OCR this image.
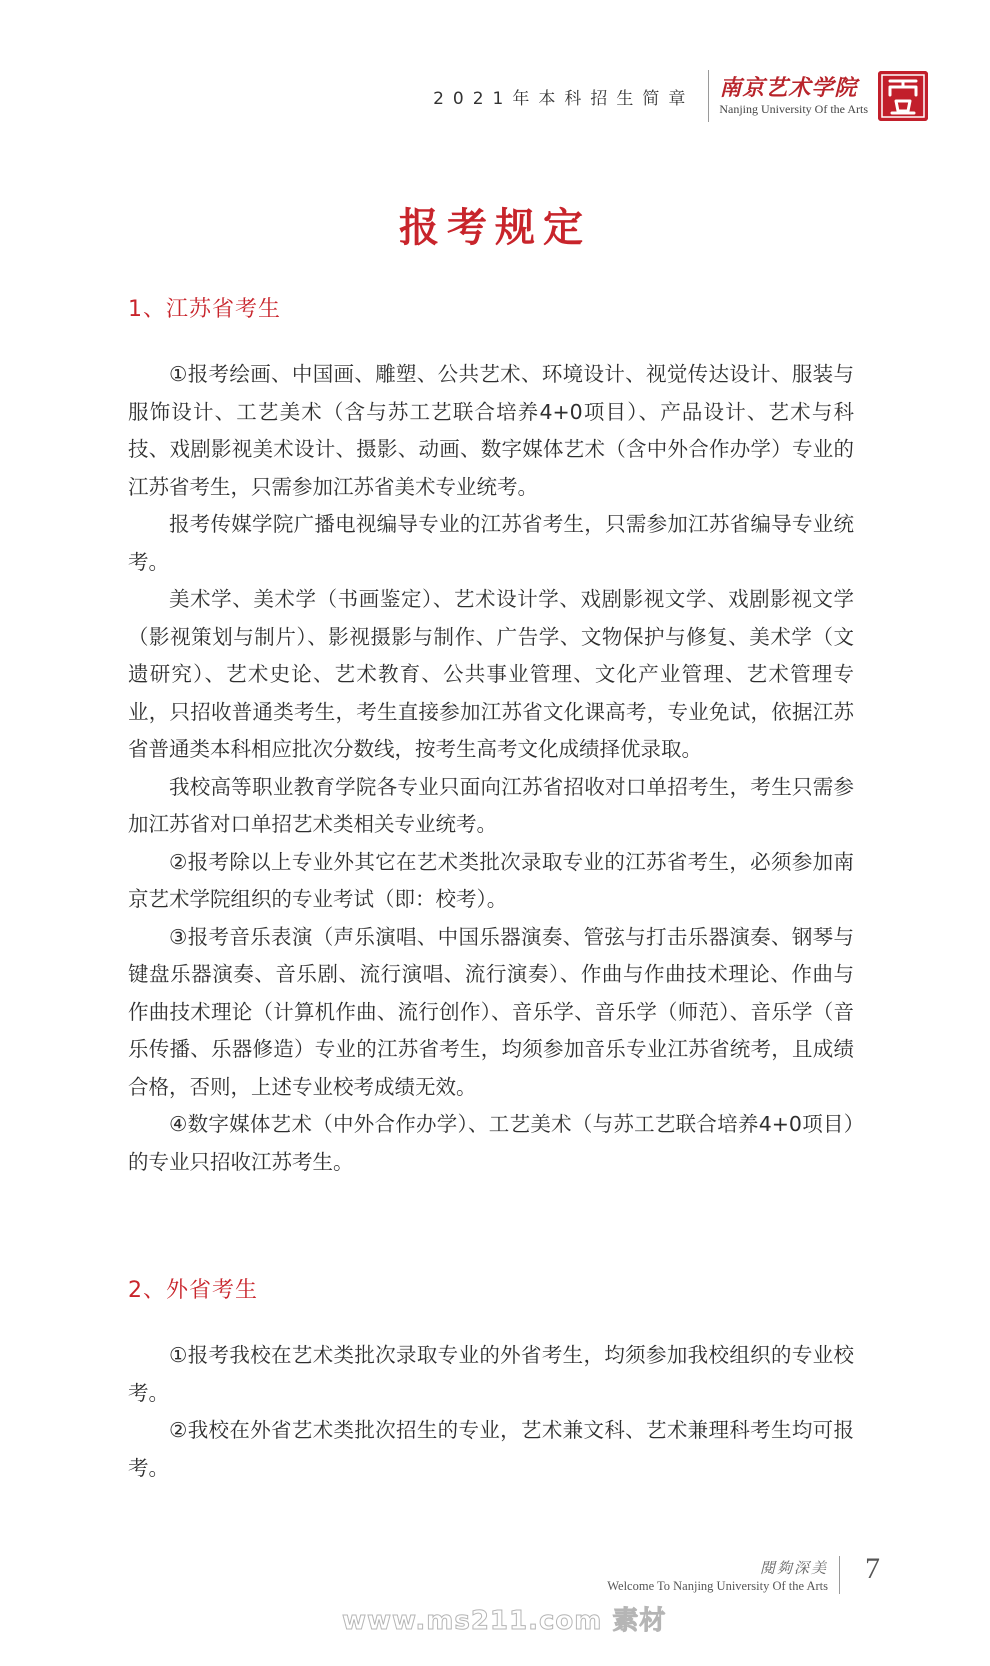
2021年本科招生简章 南京艺术学院
Nanjing University Of the Arts
报考规定
1、江苏省考生

①报考绘画、中国画、雕塑、公共艺术、环境设计、视觉传达设计、服装与服饰设计、工艺美术（含与苏工艺联合培养4+0项目）、产品设计、艺术与科技、戏剧影视美术设计、摄影、动画、数字媒体艺术（含中外合作办学）专业的江苏省考生，只需参加江苏省美术专业统考。

报考传媒学院广播电视编导专业的江苏省考生，只需参加江苏省编导专业统考。

美术学、美术学（书画鉴定）、艺术设计学、戏剧影视文学、戏剧影视文学（影视策划与制片）、影视摄影与制作、广告学、文物保护与修复、美术学（文遗研究）、艺术史论、艺术教育、公共事业管理、文化产业管理、艺术管理专业，只招收普通类考生，考生直接参加江苏省文化课高考，专业免试，依据江苏省普通类本科相应批次分数线，按考生高考文化成绩择优录取。

我校高等职业教育学院各专业只面向江苏省招收对口单招考生，考生只需参加江苏省对口单招艺术类相关专业统考。

②报考除以上专业外其它在艺术类批次录取专业的江苏省考生，必须参加南京艺术学院组织的专业考试（即：校考）。

③报考音乐表演（声乐演唱、中国乐器演奏、管弦与打击乐器演奏、钢琴与键盘乐器演奏、音乐剧、流行演唱、流行演奏）、作曲与作曲技术理论、作曲与作曲技术理论（计算机作曲、流行创作）、音乐学、音乐学（师范）、音乐学（音乐传播、乐器修造）专业的江苏省考生，均须参加音乐专业江苏省统考，且成绩合格，否则，上述专业校考成绩无效。

④数字媒体艺术（中外合作办学）、工艺美术（与苏工艺联合培养4+0项目）的专业只招收江苏考生。

2、外省考生

①报考我校在艺术类批次录取专业的外省考生，均须参加我校组织的专业校考。

②我校在外省艺术类批次招生的专业，艺术兼文科、艺术兼理科考生均可报考。

閱夠深美
Welcome To Nanjing University Of the Arts
7
www.ms211.com 素材
